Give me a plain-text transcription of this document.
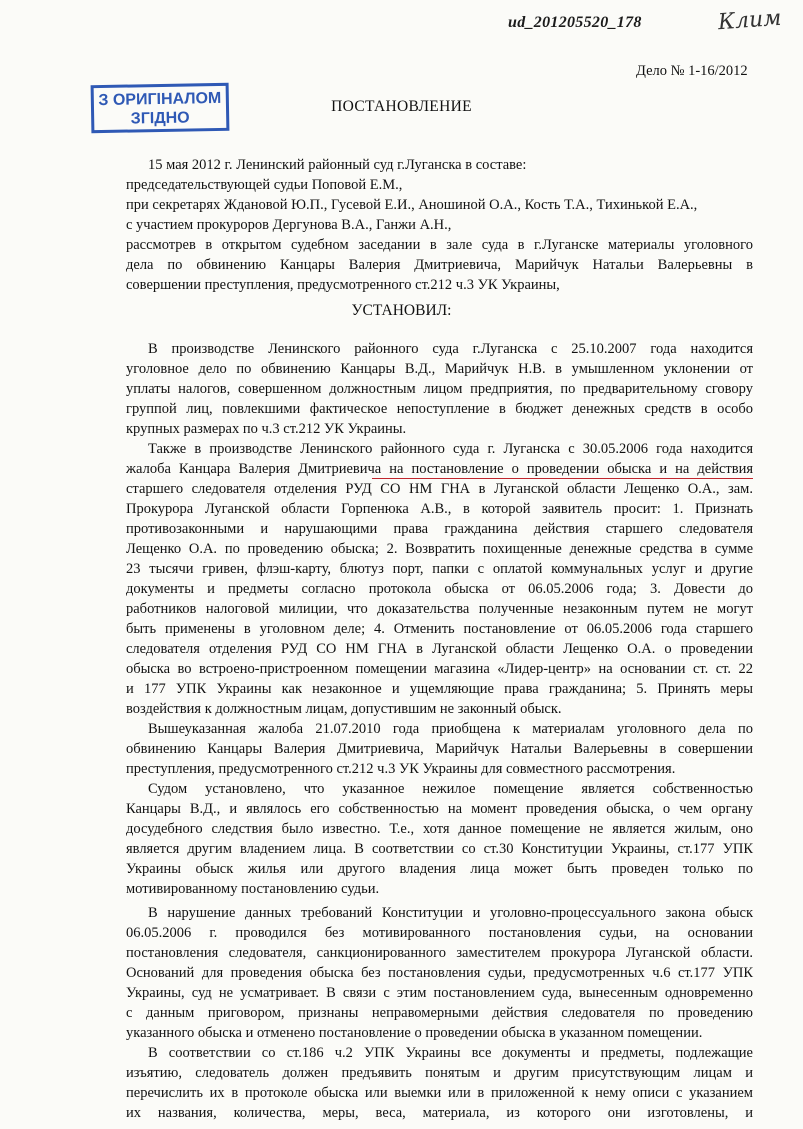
ud_201205520_178	Клим
Дело № 1-16/2012
З ОРИГІНАЛОМ
ЗГІДНО
ПОСТАНОВЛЕНИЕ
15 мая 2012 г. Ленинский районный суд г.Луганска в составе:
председательствующей судьи Поповой Е.М.,
при секретарях Ждановой Ю.П., Гусевой Е.И., Аношиной О.А., Кость Т.А., Тихинькой Е.А.,
с участием прокуроров Дергунова В.А., Ганжи А.Н.,
рассмотрев в открытом судебном заседании в зале суда в г.Луганске материалы уголовного
дела по обвинению Канцары Валерия Дмитриевича, Марийчук Натальи Валерьевны в
совершении преступления, предусмотренного ст.212 ч.3 УК Украины,
УСТАНОВИЛ:
В производстве Ленинского районного суда г.Луганска с 25.10.2007 года находится
уголовное дело по обвинению Канцары В.Д., Марийчук Н.В. в умышленном уклонении от
уплаты налогов, совершенном должностным лицом предприятия, по предварительному сговору
группой лиц, повлекшими фактическое непоступление в бюджет денежных средств в особо
крупных размерах по ч.3 ст.212 УК Украины.
Также в производстве Ленинского районного суда г. Луганска с 30.05.2006 года находится
жалоба Канцара Валерия Дмитриевича на постановление о проведении обыска и на действия
старшего следователя отделения РУД СО НМ ГНА в Луганской области Лещенко О.А., зам.
Прокурора Луганской области Горпенюка А.В., в которой заявитель просит: 1. Признать
противозаконными и нарушающими права гражданина действия старшего следователя
Лещенко О.А. по проведению обыска; 2. Возвратить похищенные денежные средства в сумме
23 тысячи гривен, флэш-карту, блютуз порт, папки с оплатой коммунальных услуг и другие
документы и предметы согласно протокола обыска от 06.05.2006 года; 3. Довести до
работников налоговой милиции, что доказательства полученные незаконным путем не могут
быть применены в уголовном деле; 4. Отменить постановление от 06.05.2006 года старшего
следователя отделения РУД СО НМ ГНА в Луганской области Лещенко О.А. о проведении
обыска во встроено-пристроенном помещении магазина «Лидер-центр» на основании ст. ст. 22
и 177 УПК Украины как незаконное и ущемляющие права гражданина; 5. Принять меры
воздействия к должностным лицам, допустившим не законный обыск.
Вышеуказанная жалоба 21.07.2010 года приобщена к материалам уголовного дела по
обвинению Канцары Валерия Дмитриевича, Марийчук Натальи Валерьевны в совершении
преступления, предусмотренного ст.212 ч.3 УК Украины для совместного рассмотрения.
Судом установлено, что указанное нежилое помещение является собственностью
Канцары В.Д., и являлось его собственностью на момент проведения обыска, о чем органу
досудебного следствия было известно. Т.е., хотя данное помещение не является жилым, оно
является другим владением лица. В соответствии со ст.30 Конституции Украины, ст.177 УПК
Украины обыск жилья или другого владения лица может быть проведен только по
мотивированному постановлению судьи.
В нарушение данных требований Конституции и уголовно-процессуального закона обыск
06.05.2006 г. проводился без мотивированного постановления судьи, на основании
постановления следователя, санкционированного заместителем прокурора Луганской области.
Оснований для проведения обыска без постановления судьи, предусмотренных ч.6 ст.177 УПК
Украины, суд не усматривает. В связи с этим постановлением суда, вынесенным одновременно
с данным приговором, признаны неправомерными действия следователя по проведению
указанного обыска и отменено постановление о проведении обыска в указанном помещении.
В соответствии со ст.186 ч.2 УПК Украины все документы и предметы, подлежащие
изъятию, следователь должен предъявить понятым и другим присутствующим лицам и
перечислить их в протоколе обыска или выемки или в приложенной к нему описи с указанием
их названия, количества, меры, веса, материала, из которого они изготовлены, и
